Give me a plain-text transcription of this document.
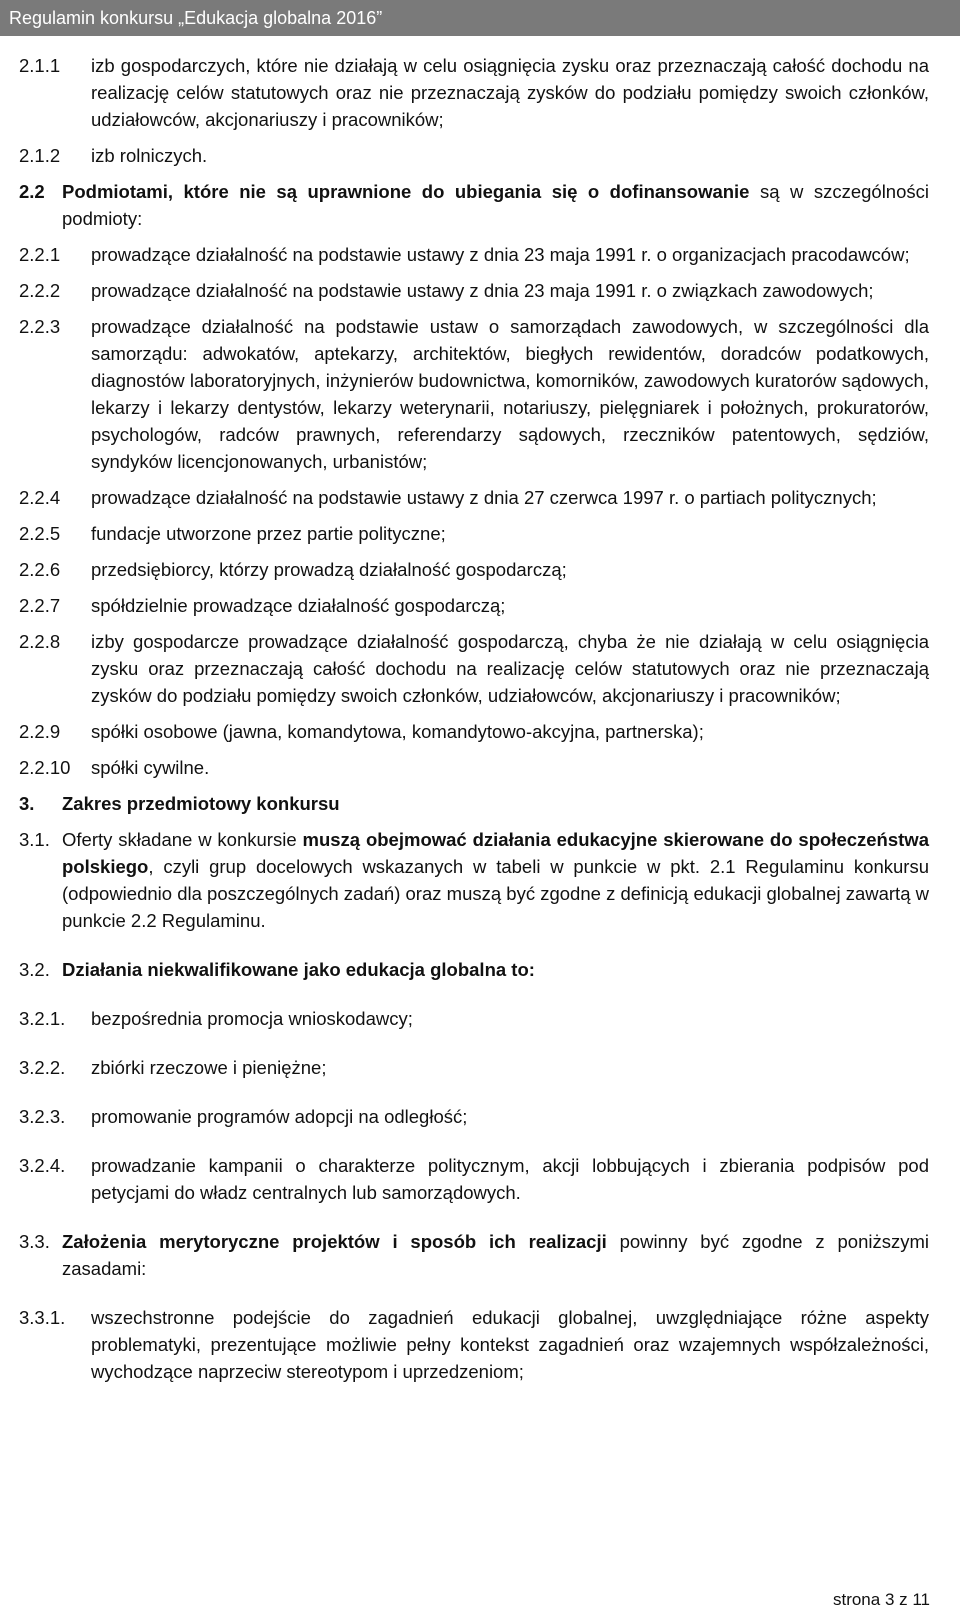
Regulamin konkursu „Edukacja globalna 2016”
2.1.1	izb gospodarczych, które nie działają w celu osiągnięcia zysku oraz przeznaczają całość dochodu na realizację celów statutowych oraz nie przeznaczają zysków do podziału pomiędzy swoich członków, udziałowców, akcjonariuszy i pracowników;
2.1.2	izb rolniczych.
2.2 Podmiotami, które nie są uprawnione do ubiegania się o dofinansowanie są w szczególności podmioty:
2.2.1	prowadzące działalność na podstawie ustawy z dnia 23 maja 1991 r. o organizacjach pracodawców;
2.2.2	prowadzące działalność na podstawie ustawy z dnia 23 maja 1991 r. o związkach zawodowych;
2.2.3	prowadzące działalność na podstawie ustaw o samorządach zawodowych, w szczególności dla samorządu: adwokatów, aptekarzy, architektów, biegłych rewidentów, doradców podatkowych, diagnostów laboratoryjnych, inżynierów budownictwa, komorników, zawodowych kuratorów sądowych, lekarzy i lekarzy dentystów, lekarzy weterynarii, notariuszy, pielęgniarek i położnych, prokuratorów, psychologów, radców prawnych, referendarzy sądowych, rzeczników patentowych, sędziów, syndyków licencjonowanych, urbanistów;
2.2.4	prowadzące działalność na podstawie ustawy z dnia 27 czerwca 1997 r. o partiach politycznych;
2.2.5	fundacje utworzone przez partie polityczne;
2.2.6	przedsiębiorcy, którzy prowadzą działalność gospodarczą;
2.2.7	spółdzielnie prowadzące działalność gospodarczą;
2.2.8	izby gospodarcze prowadzące działalność gospodarczą, chyba że nie działają w celu osiągnięcia zysku oraz przeznaczają całość dochodu na realizację celów statutowych oraz nie przeznaczają zysków do podziału pomiędzy swoich członków, udziałowców, akcjonariuszy i pracowników;
2.2.9	spółki osobowe (jawna, komandytowa, komandytowo-akcyjna, partnerska);
2.2.10	spółki cywilne.
3.	Zakres przedmiotowy konkursu
3.1. Oferty składane w konkursie muszą obejmować działania edukacyjne skierowane do społeczeństwa polskiego, czyli grup docelowych wskazanych w tabeli w punkcie w pkt. 2.1 Regulaminu konkursu (odpowiednio dla poszczególnych zadań) oraz muszą być zgodne z definicją edukacji globalnej zawartą w punkcie 2.2 Regulaminu.
3.2. Działania niekwalifikowane jako edukacja globalna to:
3.2.1.	bezpośrednia promocja wnioskodawcy;
3.2.2.	zbiórki rzeczowe i pieniężne;
3.2.3.	promowanie programów adopcji na odległość;
3.2.4.	prowadzanie kampanii o charakterze politycznym, akcji lobbujących i zbierania podpisów pod petycjami do władz centralnych lub samorządowych.
3.3. Założenia merytoryczne projektów i sposób ich realizacji powinny być zgodne z poniższymi zasadami:
3.3.1.	wszechstronne podejście do zagadnień edukacji globalnej, uwzględniające różne aspekty problematyki, prezentujące możliwie pełny kontekst zagadnień oraz wzajemnych współzależności, wychodzące naprzeciw stereotypom i uprzedzeniom;
strona 3 z 11
